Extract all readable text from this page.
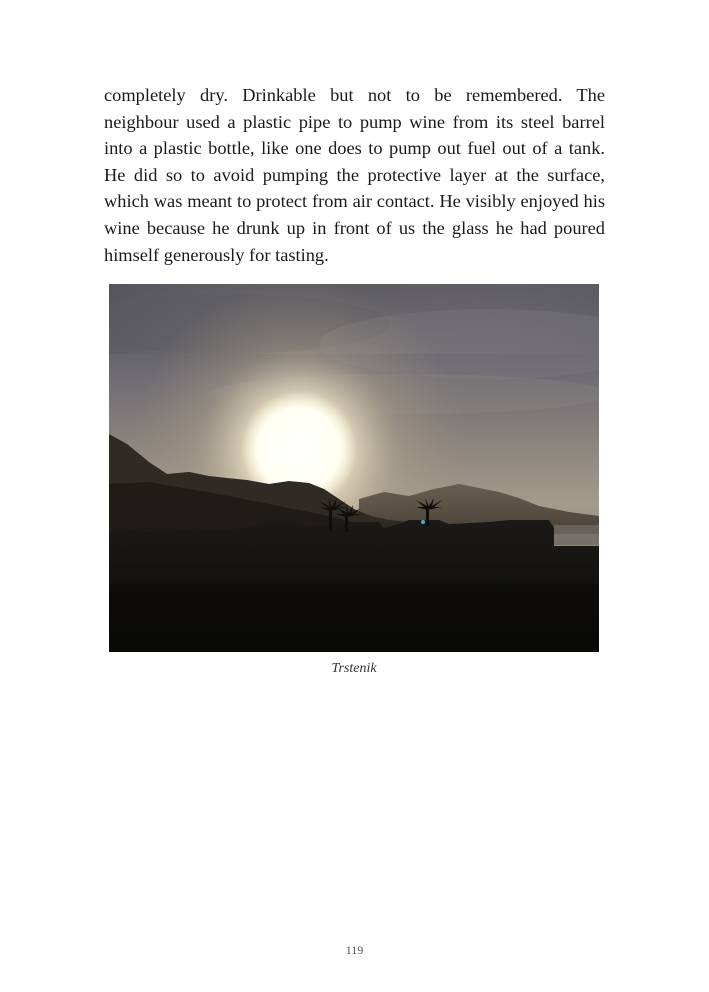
completely dry. Drinkable but not to be remembered. The neighbour used a plastic pipe to pump wine from its steel barrel into a plastic bottle, like one does to pump out fuel out of a tank. He did so to avoid pumping the protective layer at the surface, which was meant to protect from air contact. He visibly enjoyed his wine because he drunk up in front of us the glass he had poured himself generously for tasting.

Trstenik

119
